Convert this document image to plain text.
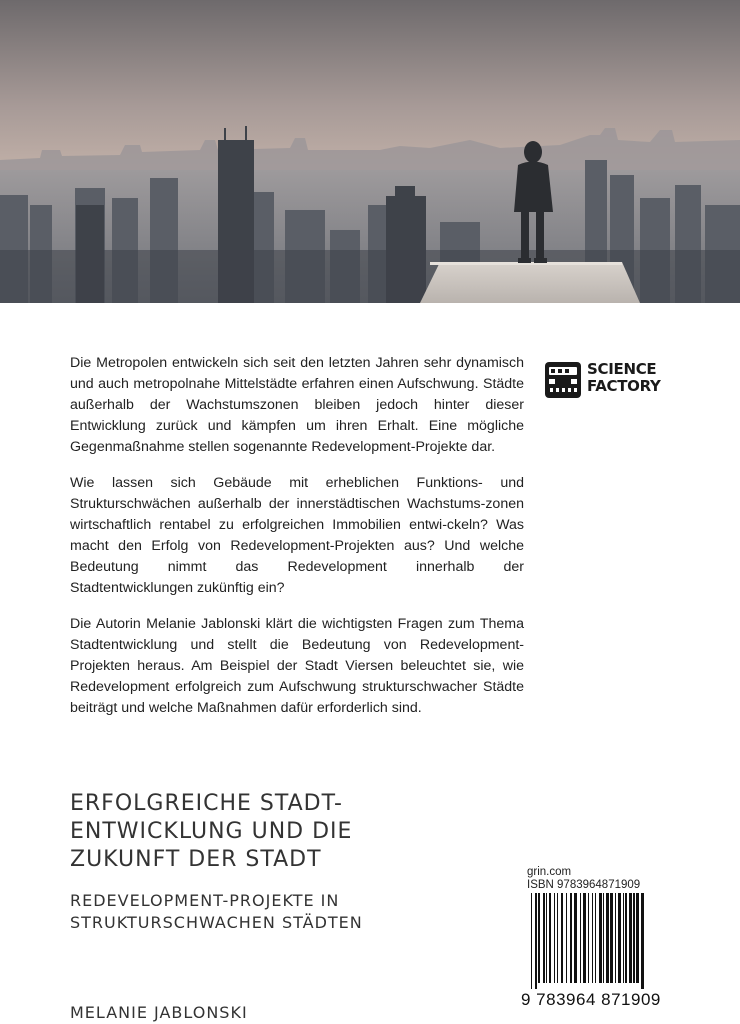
Die Metropolen entwickeln sich seit den letzten Jahren sehr dynamisch und auch metropolnahe Mittelstädte erfahren einen Aufschwung. Städte außerhalb der Wachstumszonen bleiben jedoch hinter dieser Entwicklung zurück und kämpfen um ihren Erhalt. Eine mögliche Gegenmaßnahme stellen sogenannte Redevelopment-Projekte dar.

Wie lassen sich Gebäude mit erheblichen Funktions- und Strukturschwächen außerhalb der innerstädtischen Wachstums-zonen wirtschaftlich rentabel zu erfolgreichen Immobilien entwi-ckeln? Was macht den Erfolg von Redevelopment-Projekten aus? Und welche Bedeutung nimmt das Redevelopment innerhalb der Stadtentwicklungen zukünftig ein?

Die Autorin Melanie Jablonski klärt die wichtigsten Fragen zum Thema Stadtentwicklung und stellt die Bedeutung von Redevelopment-Projekten heraus. Am Beispiel der Stadt Viersen beleuchtet sie, wie Redevelopment erfolgreich zum Aufschwung strukturschwacher Städte beiträgt und welche Maßnahmen dafür erforderlich sind.

SCIENCE
FACTORY
ERFOLGREICHE STADT-
ENTWICKLUNG UND DIE
ZUKUNFT DER STADT
REDEVELOPMENT-PROJEKTE IN
STRUKTURSCHWACHEN STÄDTEN
MELANIE JABLONSKI
grin.com
ISBN 9783964871909
9 783964 871909
